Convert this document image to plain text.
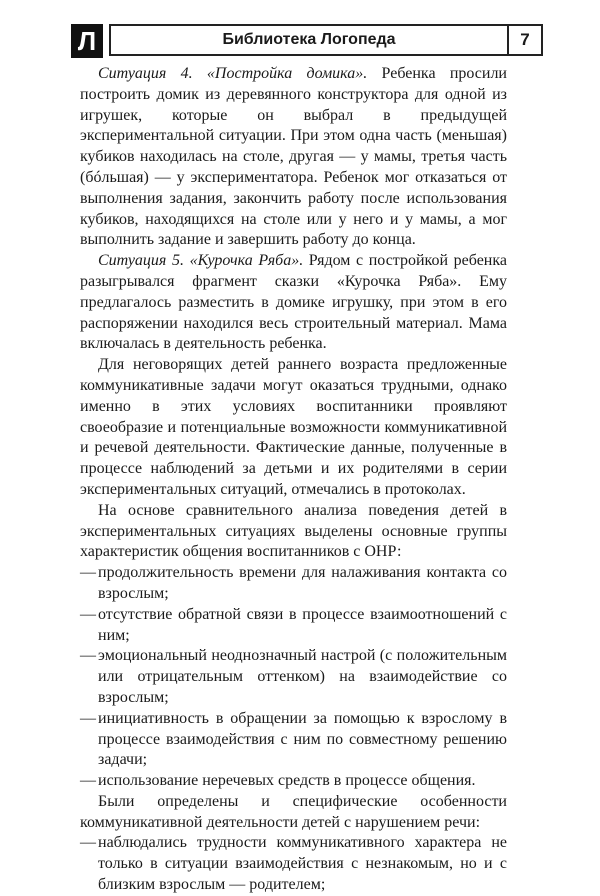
Л	Библиотека Логопеда	7

Ситуация 4. «Постройка домика». Ребенка просили построить домик из деревянного конструктора для одной из игрушек, которые он выбрал в предыдущей экспериментальной ситуации. При этом одна часть (меньшая) кубиков находилась на столе, другая — у мамы, третья часть (бóльшая) — у экспериментатора. Ребенок мог отказаться от выполнения задания, закончить работу после использования кубиков, находящихся на столе или у него и у мамы, а мог выполнить задание и завершить работу до конца.

Ситуация 5. «Курочка Ряба». Рядом с постройкой ребенка разыгрывался фрагмент сказки «Курочка Ряба». Ему предлагалось разместить в домике игрушку, при этом в его распоряжении находился весь строительный материал. Мама включалась в деятельность ребенка.

Для неговорящих детей раннего возраста предложенные коммуникативные задачи могут оказаться трудными, однако именно в этих условиях воспитанники проявляют своеобразие и потенциальные возможности коммуникативной и речевой деятельности. Фактические данные, полученные в процессе наблюдений за детьми и их родителями в серии экспериментальных ситуаций, отмечались в протоколах.

На основе сравнительного анализа поведения детей в экспериментальных ситуациях выделены основные группы характеристик общения воспитанников с ОНР:

— продолжительность времени для налаживания контакта со взрослым;
— отсутствие обратной связи в процессе взаимоотношений с ним;
— эмоциональный неоднозначный настрой (с положительным или отрицательным оттенком) на взаимодействие со взрослым;
— инициативность в обращении за помощью к взрослому в процессе взаимодействия с ним по совместному решению задачи;
— использование неречевых средств в процессе общения.

Были определены и специфические особенности коммуникативной деятельности детей с нарушением речи:

— наблюдались трудности коммуникативного характера не только в ситуации взаимодействия с незнакомым, но и с близким взрослым — родителем;
